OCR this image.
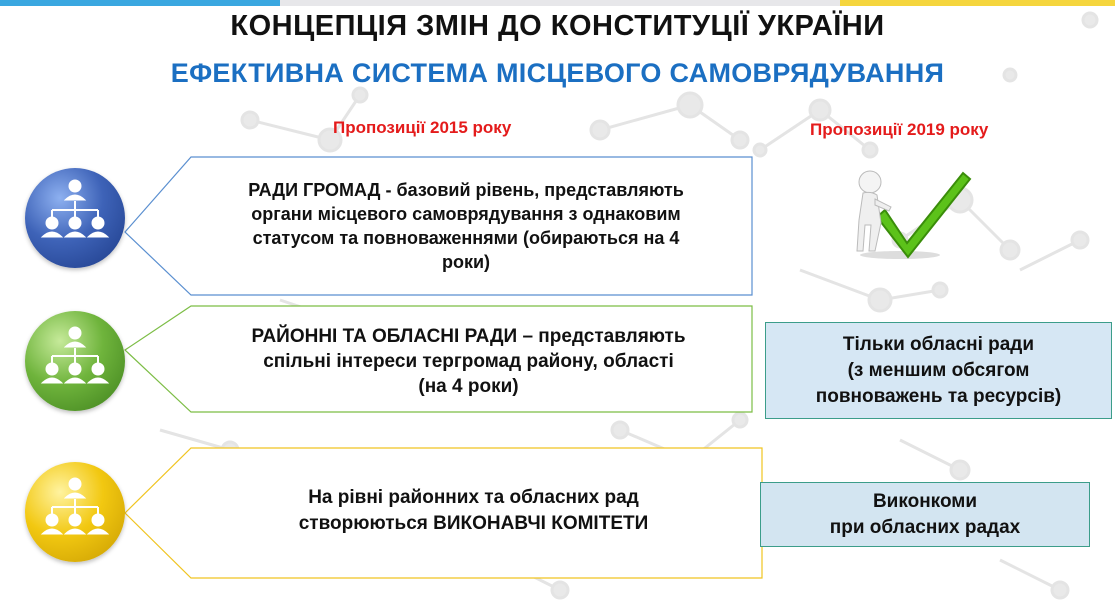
КОНЦЕПЦІЯ ЗМІН ДО КОНСТИТУЦІЇ УКРАЇНИ
ЕФЕКТИВНА СИСТЕМА МІСЦЕВОГО САМОВРЯДУВАННЯ
Пропозиції 2015 року	Пропозиції 2019 року
РАДИ ГРОМАД - базовий рівень, представляють
органи місцевого самоврядування з однаковим
статусом та повноваженнями (обираються на 4
роки)
РАЙОННІ ТА ОБЛАСНІ РАДИ – представляють
спільні інтереси тергромад району, області
(на 4 роки)
На рівні районних та обласних рад
створюються ВИКОНАВЧІ КОМІТЕТИ
Тільки обласні ради
(з меншим обсягом
повноважень та ресурсів)
Виконкоми
при обласних радах
